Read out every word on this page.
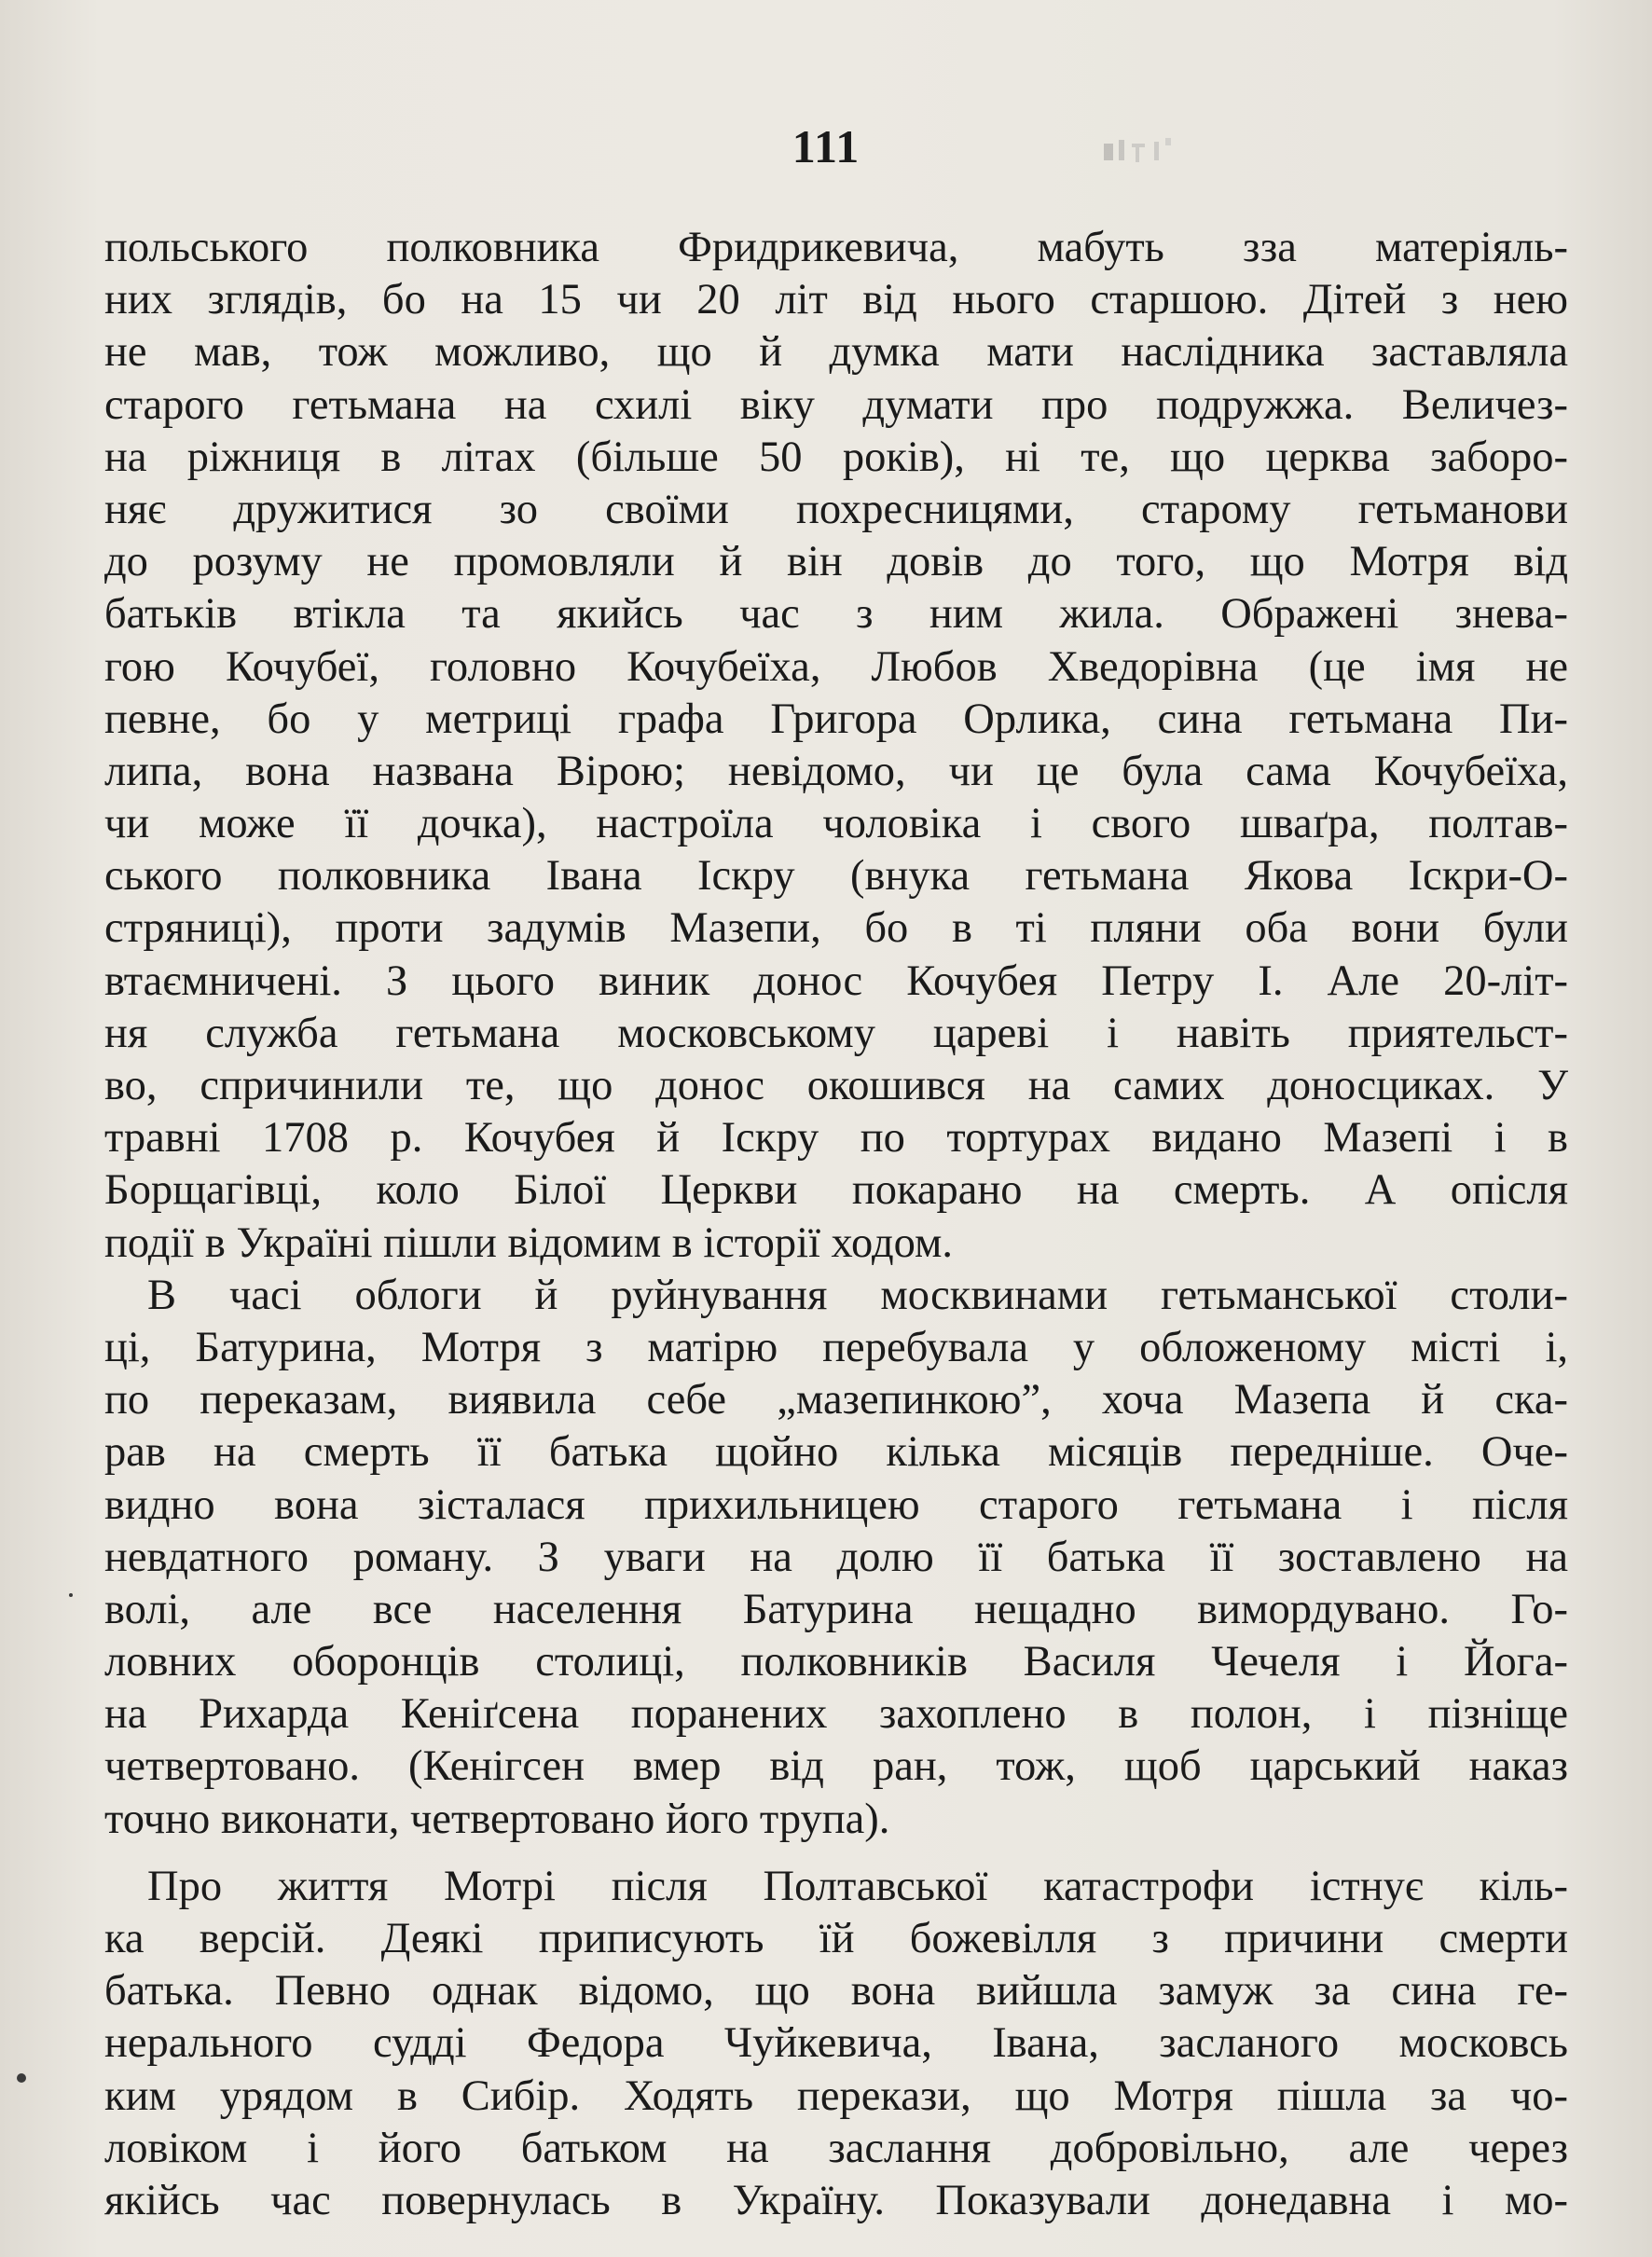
111
польського полковника Фридрикевича, мабуть зза матеріяль-
них зглядів, бо на 15 чи 20 літ від нього старшою. Дітей з нею
не мав, тож можливо, що й думка мати наслідника заставляла
старого гетьмана на схилі віку думати про подружжа. Величез-
на ріжниця в літах (більше 50 років), ні те, що церква заборо-
няє дружитися зо своїми похресницями, старому гетьманови
до розуму не промовляли й він довів до того, що Мотря від
батьків втікла та якийсь час з ним жила. Ображені знева-
гою Кочубеї, головно Кочубеїха, Любов Хведорівна (це імя не
певне, бо у метриці графа Григора Орлика, сина гетьмана Пи-
липа, вона названа Вірою; невідомо, чи це була сама Кочубеїха,
чи може її дочка), настроїла чоловіка і свого шваґра, полтав-
ського полковника Івана Іскру (внука гетьмана Якова Іскри-О-
стряниці), проти задумів Мазепи, бо в ті пляни оба вони були
втаємничені. З цього виник донос Кочубея Петру І. Але 20-літ-
ня служба гетьмана московському цареві і навіть приятельст-
во, спричинили те, що донос окошився на самих доносциках. У
травні 1708 р. Кочубея й Іскру по тортурах видано Мазепі і в
Борщагівці, коло Білої Церкви покарано на смерть. А опісля
події в Україні пішли відомим в історії ходом.
В часі облоги й руйнування москвинами гетьманської столи-
ці, Батурина, Мотря з матірю перебувала у обложеному місті і,
по переказам, виявила себе „мазепинкою”, хоча Мазепа й ска-
рав на смерть її батька щойно кілька місяців передніше. Оче-
видно вона зісталася прихильницею старого гетьмана і після
невдатного роману. З уваги на долю її батька її зоставлено на
волі, але все населення Батурина нещадно вимордувано. Го-
ловних оборонців столиці, полковників Василя Чечеля і Йога-
на Рихарда Кеніґсена поранених захоплено в полон, і пізніще
четвертовано. (Кенігсен вмер від ран, тож, щоб царський наказ
точно виконати, четвертовано його трупа).
Про життя Мотрі після Полтавської катастрофи істнує кіль-
ка версій. Деякі приписують їй божевілля з причини смерти
батька. Певно однак відомо, що вона вийшла замуж за сина ге-
нерального судді Федора Чуйкевича, Івана, засланого московсь
ким урядом в Сибір. Ходять перекази, що Мотря пішла за чо-
ловіком і його батьком на заслання добровільно, але через
якійсь час повернулась в Україну. Показували донедавна і мо-
